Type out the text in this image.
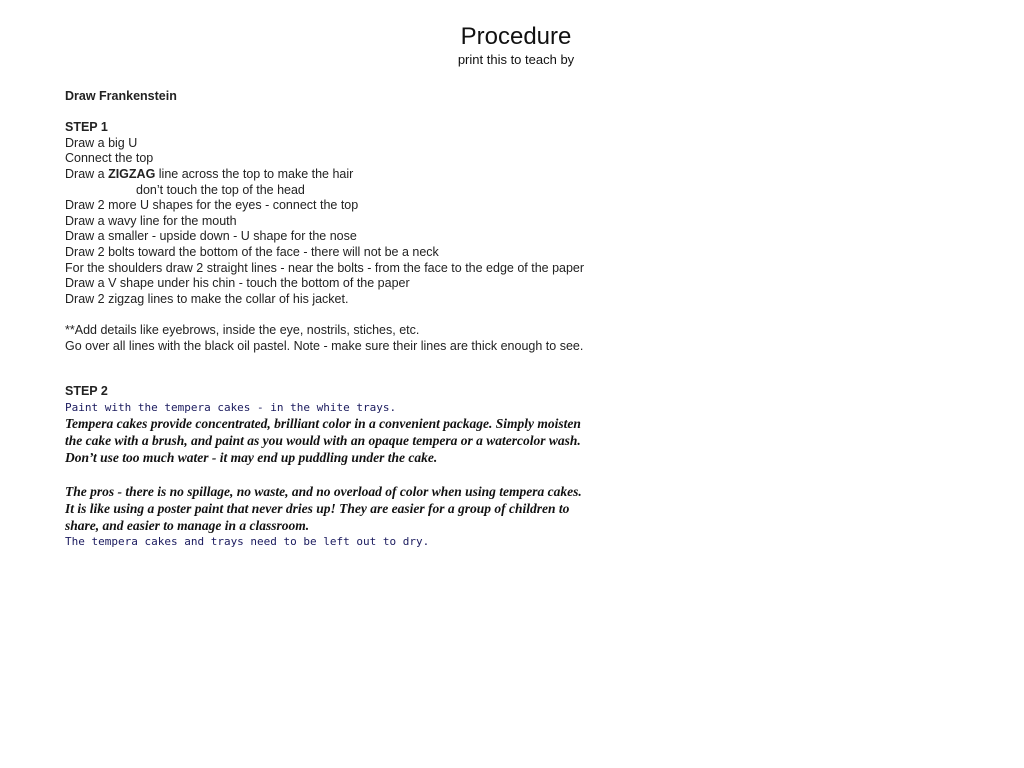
Procedure
print this to teach by

Draw Frankenstein

STEP 1

Draw a big U

Connect the top

Draw a ZIGZAG line across the top to make the hair

don’t touch the top of the head

Draw 2 more U shapes for the eyes - connect the top

Draw a wavy line for the mouth

Draw a smaller - upside down - U shape for the nose

Draw 2 bolts toward the bottom of the face - there will not be a neck

For the shoulders draw 2 straight lines - near the bolts - from the face to the edge of the paper

Draw a V shape under his chin - touch the bottom of the paper

Draw 2 zigzag lines to make the collar of his jacket.

**Add details like eyebrows, inside the eye, nostrils, stiches, etc.

Go over all lines with the black oil pastel. Note - make sure their lines are thick enough to see.

STEP 2

Paint with the tempera cakes - in the white trays.

Tempera cakes provide concentrated, brilliant color in a convenient package. Simply moisten the cake with a brush, and paint as you would with an opaque tempera or a watercolor wash. Don’t use too much water - it may end up puddling under the cake.

The pros - there is no spillage, no waste, and no overload of color when using tempera cakes. It is like using a poster paint that never dries up! They are easier for a group of children to share, and easier to manage in a classroom.

The tempera cakes and trays need to be left out to dry.
